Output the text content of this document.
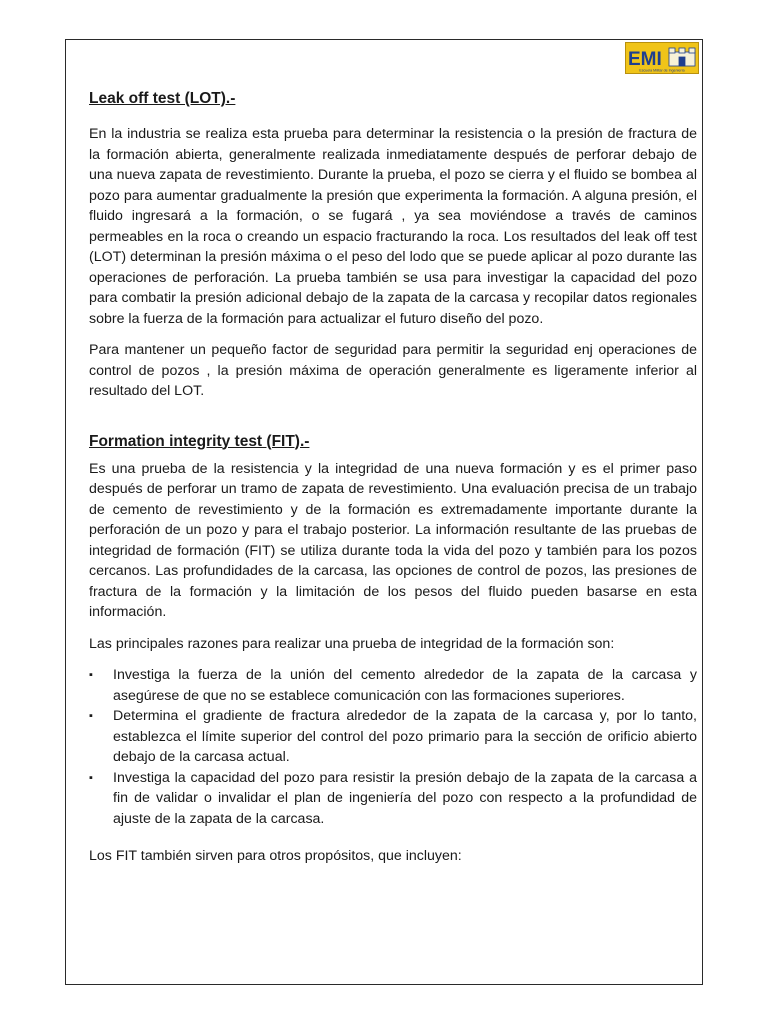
EMI
Escuela Militar de Ingeniería
Leak off test (LOT).-

En la industria se realiza esta prueba para determinar la resistencia o la presión de fractura de la formación abierta, generalmente realizada inmediatamente después de perforar debajo de una nueva zapata de revestimiento. Durante la prueba, el pozo se cierra y el fluido se bombea al pozo para aumentar gradualmente la presión que experimenta la formación. A alguna presión, el fluido ingresará a la formación, o se fugará , ya sea moviéndose a través de caminos permeables en la roca o creando un espacio fracturando la roca. Los resultados del leak off test (LOT) determinan la presión máxima o el peso del lodo que se puede aplicar al pozo durante las operaciones de perforación. La prueba también se usa para investigar la capacidad del pozo para combatir la presión adicional debajo de la zapata de la carcasa y recopilar datos regionales sobre la fuerza de la formación para actualizar el futuro diseño del pozo.

Para mantener un pequeño factor de seguridad para permitir la seguridad enj operaciones de control de pozos , la presión máxima de operación generalmente es ligeramente inferior al resultado del LOT.

Formation integrity test (FIT).-

Es una prueba de la resistencia y la integridad de una nueva formación y es el primer paso después de perforar un tramo de zapata de revestimiento. Una evaluación precisa de un trabajo de cemento de revestimiento y de la formación es extremadamente importante durante la perforación de un pozo y para el trabajo posterior. La información resultante de las pruebas de integridad de formación (FIT) se utiliza durante toda la vida del pozo y también para los pozos cercanos. Las profundidades de la carcasa, las opciones de control de pozos, las presiones de fractura de la formación y la limitación de los pesos del fluido pueden basarse en esta información.

Las principales razones para realizar una prueba de integridad de la formación son:

▪ Investiga la fuerza de la unión del cemento alrededor de la zapata de la carcasa y asegúrese de que no se establece comunicación con las formaciones superiores.
▪ Determina el gradiente de fractura alrededor de la zapata de la carcasa y, por lo tanto, establezca el límite superior del control del pozo primario para la sección de orificio abierto debajo de la carcasa actual.
▪ Investiga la capacidad del pozo para resistir la presión debajo de la zapata de la carcasa a fin de validar o invalidar el plan de ingeniería del pozo con respecto a la profundidad de ajuste de la zapata de la carcasa.

Los FIT también sirven para otros propósitos, que incluyen:
